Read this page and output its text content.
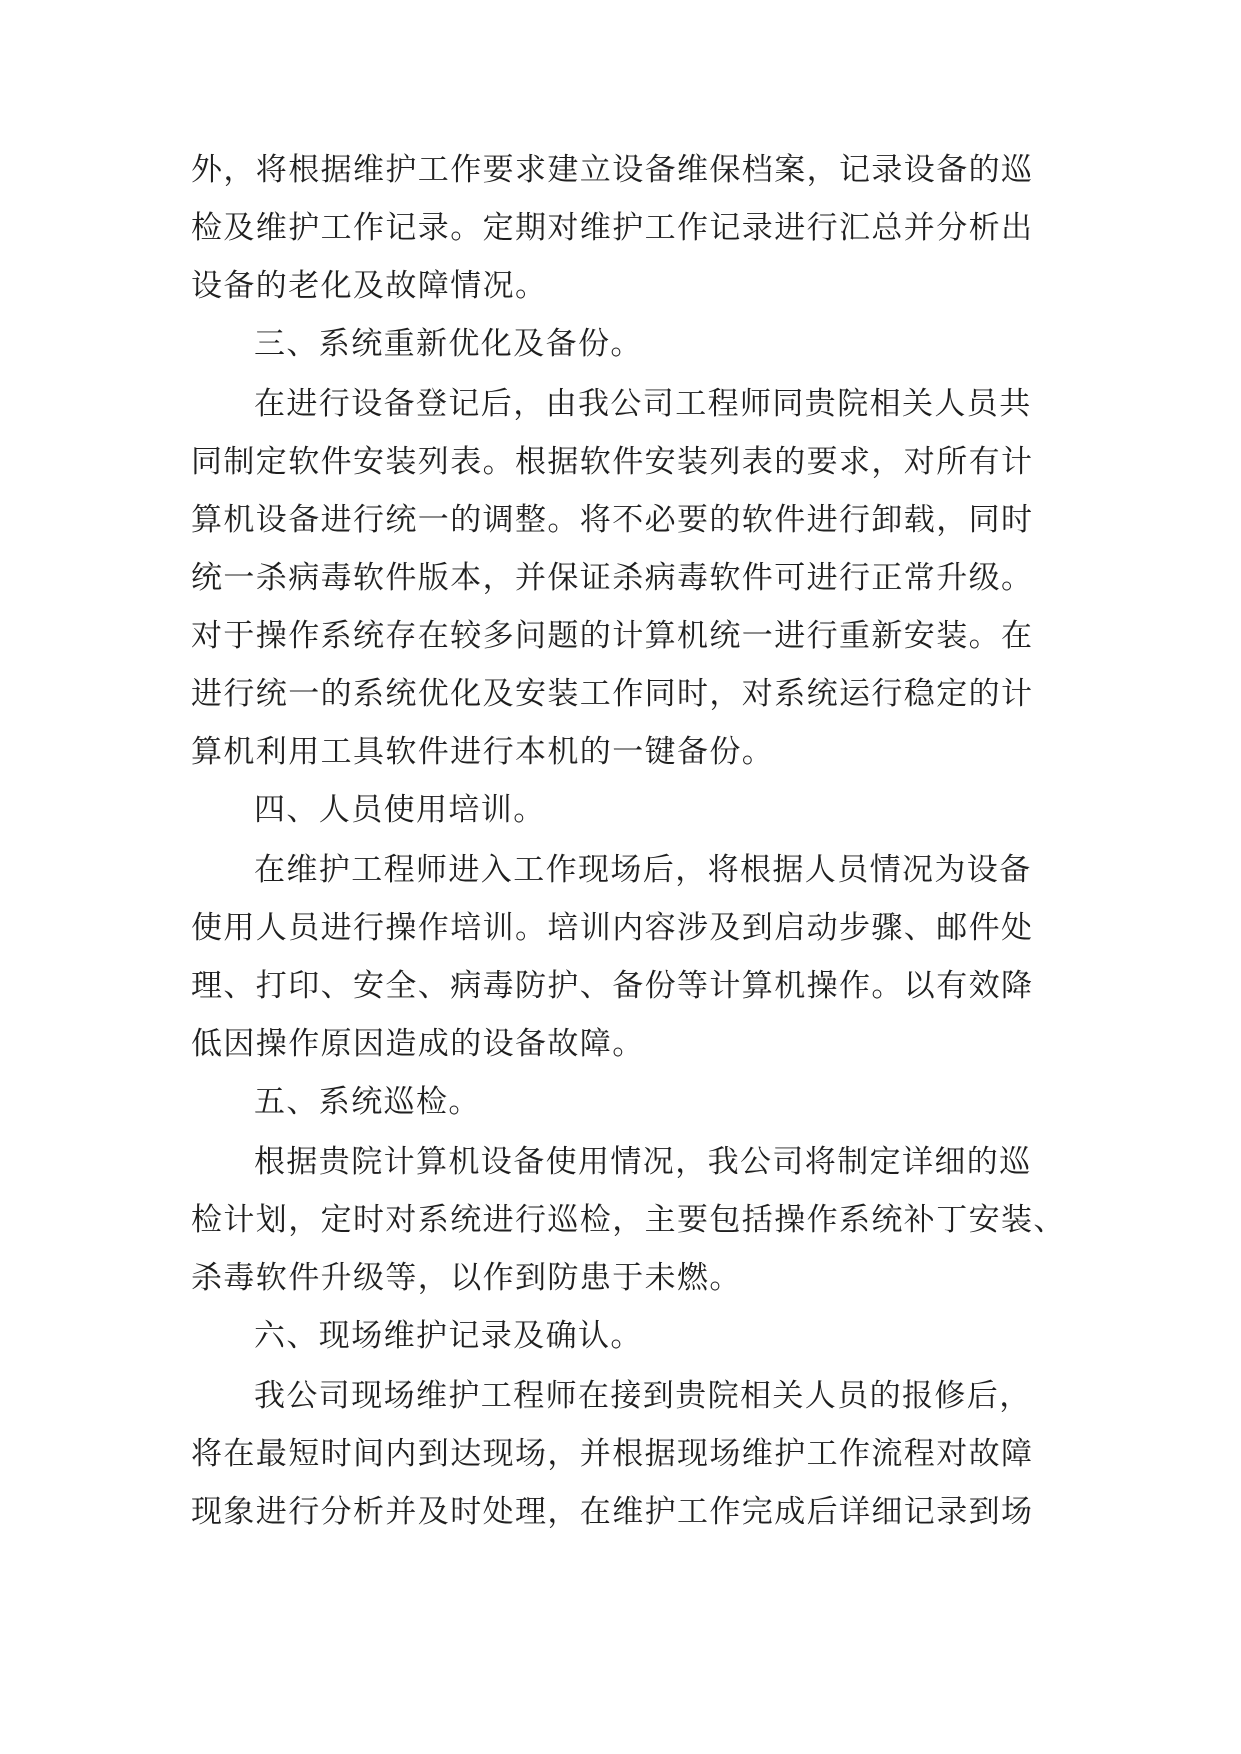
外，将根据维护工作要求建立设备维保档案，记录设备的巡
检及维护工作记录。定期对维护工作记录进行汇总并分析出
设备的老化及故障情况。
三、系统重新优化及备份。
在进行设备登记后，由我公司工程师同贵院相关人员共
同制定软件安装列表。根据软件安装列表的要求，对所有计
算机设备进行统一的调整。将不必要的软件进行卸载，同时
统一杀病毒软件版本，并保证杀病毒软件可进行正常升级。
对于操作系统存在较多问题的计算机统一进行重新安装。在
进行统一的系统优化及安装工作同时，对系统运行稳定的计
算机利用工具软件进行本机的一键备份。
四、人员使用培训。
在维护工程师进入工作现场后，将根据人员情况为设备
使用人员进行操作培训。培训内容涉及到启动步骤、邮件处
理、打印、安全、病毒防护、备份等计算机操作。以有效降
低因操作原因造成的设备故障。
五、系统巡检。
根据贵院计算机设备使用情况，我公司将制定详细的巡
检计划，定时对系统进行巡检，主要包括操作系统补丁安装、
杀毒软件升级等，以作到防患于未燃。
六、现场维护记录及确认。
我公司现场维护工程师在接到贵院相关人员的报修后，
将在最短时间内到达现场，并根据现场维护工作流程对故障
现象进行分析并及时处理，在维护工作完成后详细记录到场
